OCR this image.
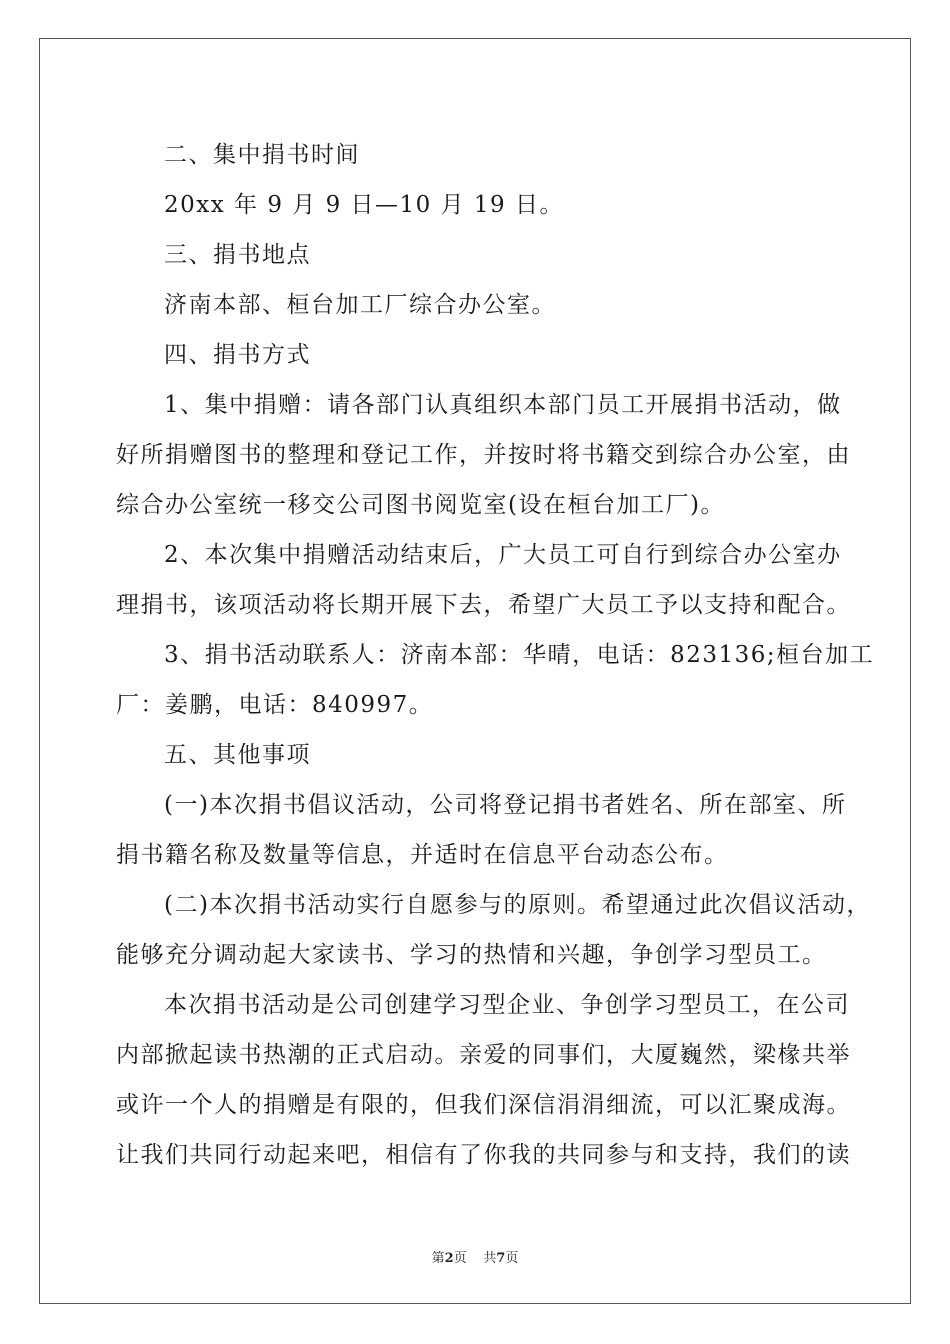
二、集中捐书时间
20xx 年 9 月 9 日—10 月 19 日。
三、捐书地点
济南本部、桓台加工厂综合办公室。
四、捐书方式
1、集中捐赠：请各部门认真组织本部门员工开展捐书活动，做
好所捐赠图书的整理和登记工作，并按时将书籍交到综合办公室，由
综合办公室统一移交公司图书阅览室(设在桓台加工厂)。
2、本次集中捐赠活动结束后，广大员工可自行到综合办公室办
理捐书，该项活动将长期开展下去，希望广大员工予以支持和配合。
3、捐书活动联系人：济南本部：华晴，电话：823136;桓台加工
厂：姜鹏，电话：840997。
五、其他事项
(一)本次捐书倡议活动，公司将登记捐书者姓名、所在部室、所
捐书籍名称及数量等信息，并适时在信息平台动态公布。
(二)本次捐书活动实行自愿参与的原则。希望通过此次倡议活动，
能够充分调动起大家读书、学习的热情和兴趣，争创学习型员工。
本次捐书活动是公司创建学习型企业、争创学习型员工，在公司
内部掀起读书热潮的正式启动。亲爱的同事们，大厦巍然，梁椽共举
或许一个人的捐赠是有限的，但我们深信涓涓细流，可以汇聚成海。
让我们共同行动起来吧，相信有了你我的共同参与和支持，我们的读
第2页 共7页
